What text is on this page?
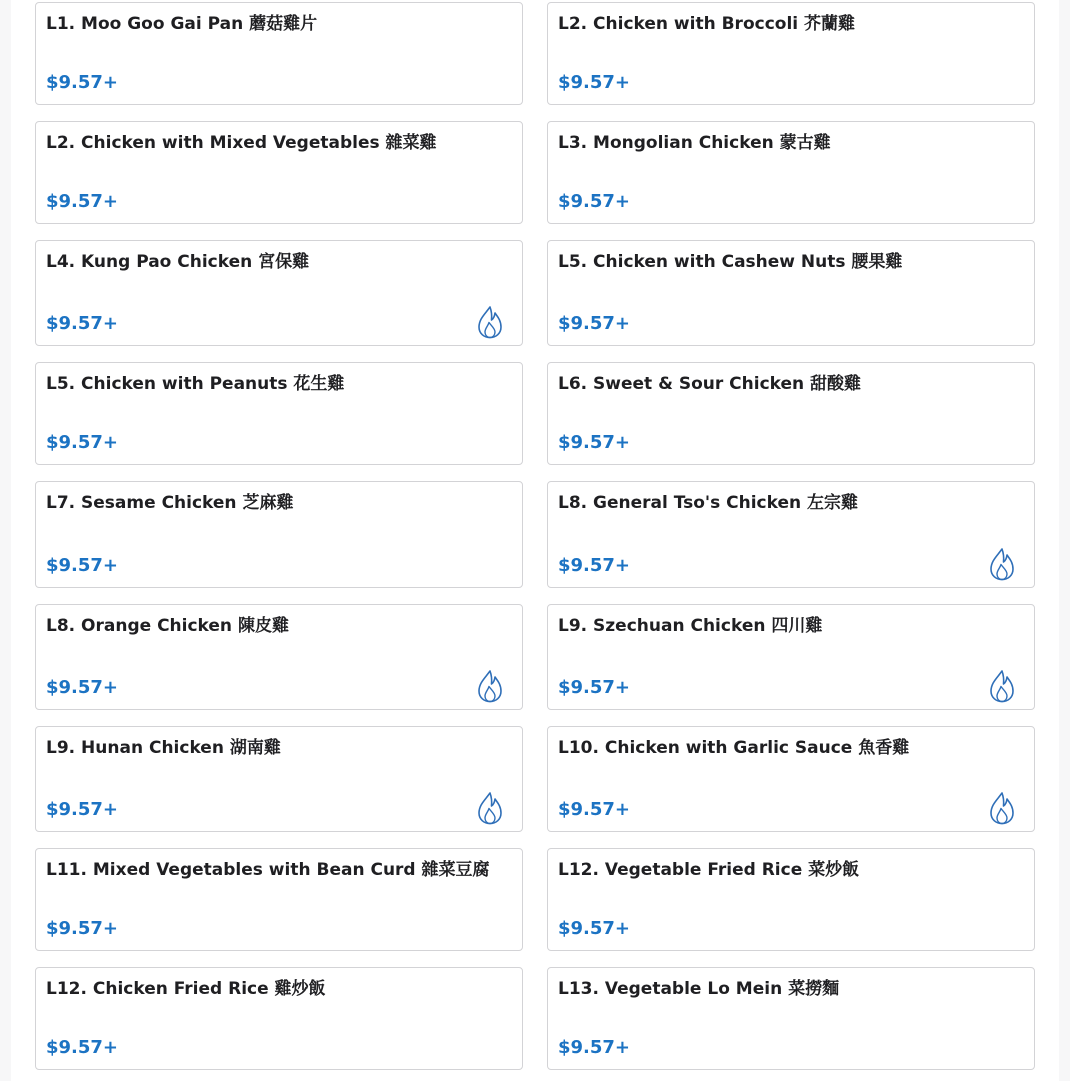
L1. Moo Goo Gai Pan 蘑菇雞片
$9.57+
L2. Chicken with Broccoli 芥蘭雞
$9.57+
L2. Chicken with Mixed Vegetables 雜菜雞
$9.57+
L3. Mongolian Chicken 蒙古雞
$9.57+
L4. Kung Pao Chicken 宮保雞
$9.57+
L5. Chicken with Cashew Nuts 腰果雞
$9.57+
L5. Chicken with Peanuts 花生雞
$9.57+
L6. Sweet & Sour Chicken 甜酸雞
$9.57+
L7. Sesame Chicken 芝麻雞
$9.57+
L8. General Tso's Chicken 左宗雞
$9.57+
L8. Orange Chicken 陳皮雞
$9.57+
L9. Szechuan Chicken 四川雞
$9.57+
L9. Hunan Chicken 湖南雞
$9.57+
L10. Chicken with Garlic Sauce 魚香雞
$9.57+
L11. Mixed Vegetables with Bean Curd 雜菜豆腐
$9.57+
L12. Vegetable Fried Rice 菜炒飯
$9.57+
L12. Chicken Fried Rice 雞炒飯
$9.57+
L13. Vegetable Lo Mein 菜撈麵
$9.57+
